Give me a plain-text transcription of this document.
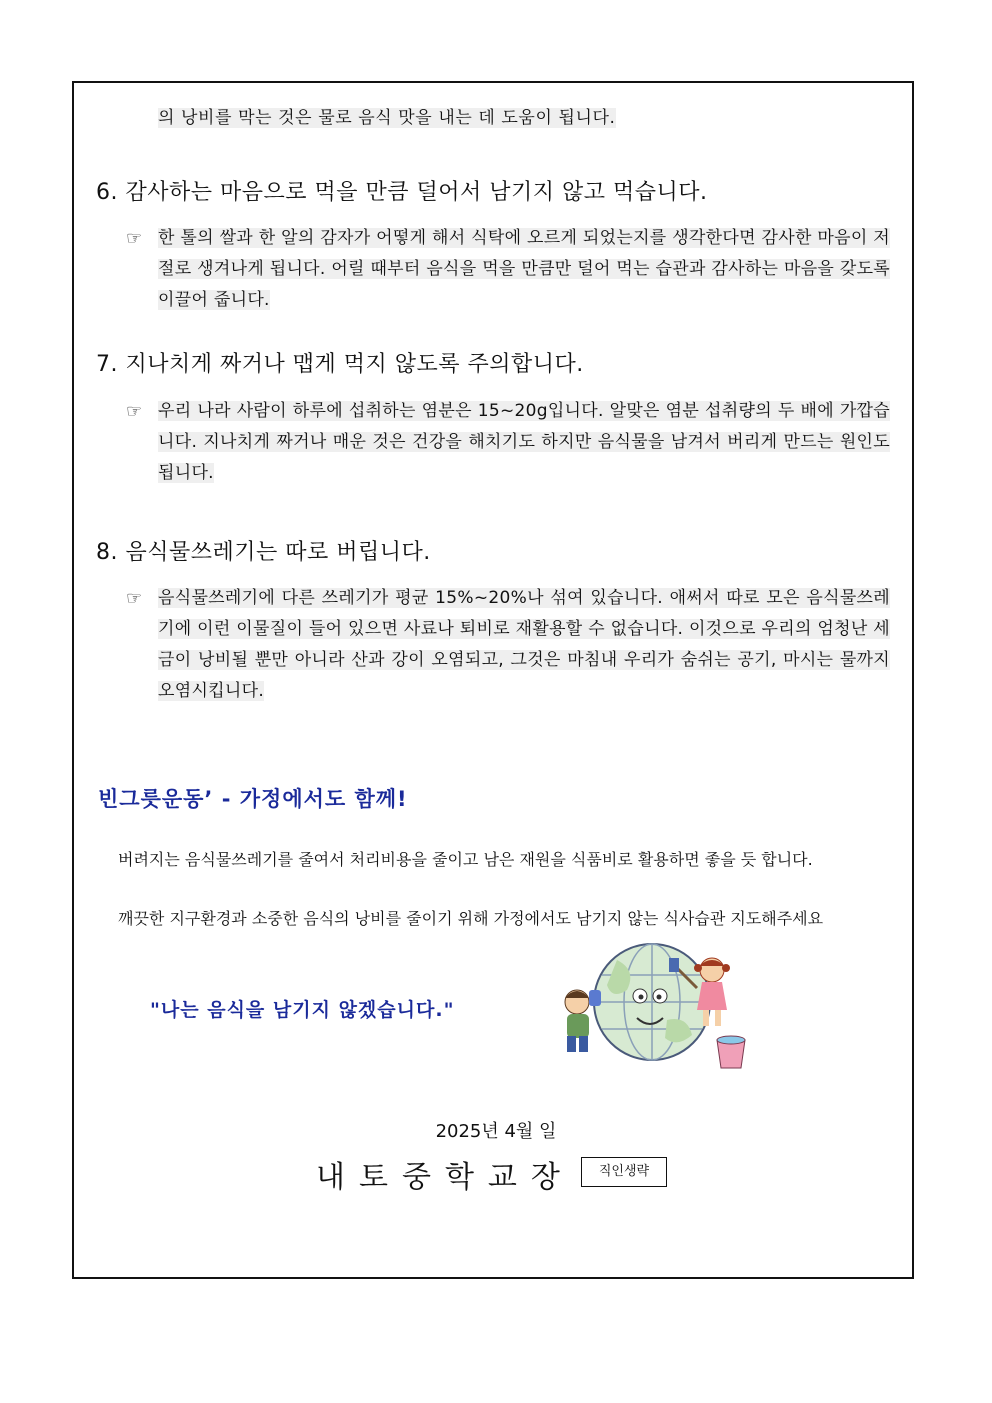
의 낭비를 막는 것은 물로 음식 맛을 내는 데 도움이 됩니다.
6. 감사하는 마음으로 먹을 만큼 덜어서 남기지 않고 먹습니다.
☞ 한 톨의 쌀과 한 알의 감자가 어떻게 해서 식탁에 오르게 되었는지를 생각한다면 감사한 마음이 저절로 생겨나게 됩니다. 어릴 때부터 음식을 먹을 만큼만 덜어 먹는 습관과 감사하는 마음을 갖도록 이끌어 줍니다.
7. 지나치게 짜거나 맵게 먹지 않도록 주의합니다.
☞ 우리 나라 사람이 하루에 섭취하는 염분은 15~20g입니다. 알맞은 염분 섭취량의 두 배에 가깝습니다. 지나치게 짜거나 매운 것은 건강을 해치기도 하지만 음식물을 남겨서 버리게 만드는 원인도 됩니다.
8. 음식물쓰레기는 따로 버립니다.
☞ 음식물쓰레기에 다른 쓰레기가 평균 15%~20%나 섞여 있습니다. 애써서 따로 모은 음식물쓰레기에 이런 이물질이 들어 있으면 사료나 퇴비로 재활용할 수 없습니다. 이것으로 우리의 엄청난 세금이 낭비될 뿐만 아니라 산과 강이 오염되고, 그것은 마침내 우리가 숨쉬는 공기, 마시는 물까지 오염시킵니다.
빈그릇운동’ - 가정에서도 함께!
버려지는 음식물쓰레기를 줄여서 처리비용을 줄이고 남은 재원을 식품비로 활용하면 좋을 듯 합니다.
깨끗한 지구환경과 소중한 음식의 낭비를 줄이기 위해 가정에서도 남기지 않는 식사습관 지도해주세요
"나는 음식을 남기지 않겠습니다."
2025년 4월 일
내토중학교장	직인생략
